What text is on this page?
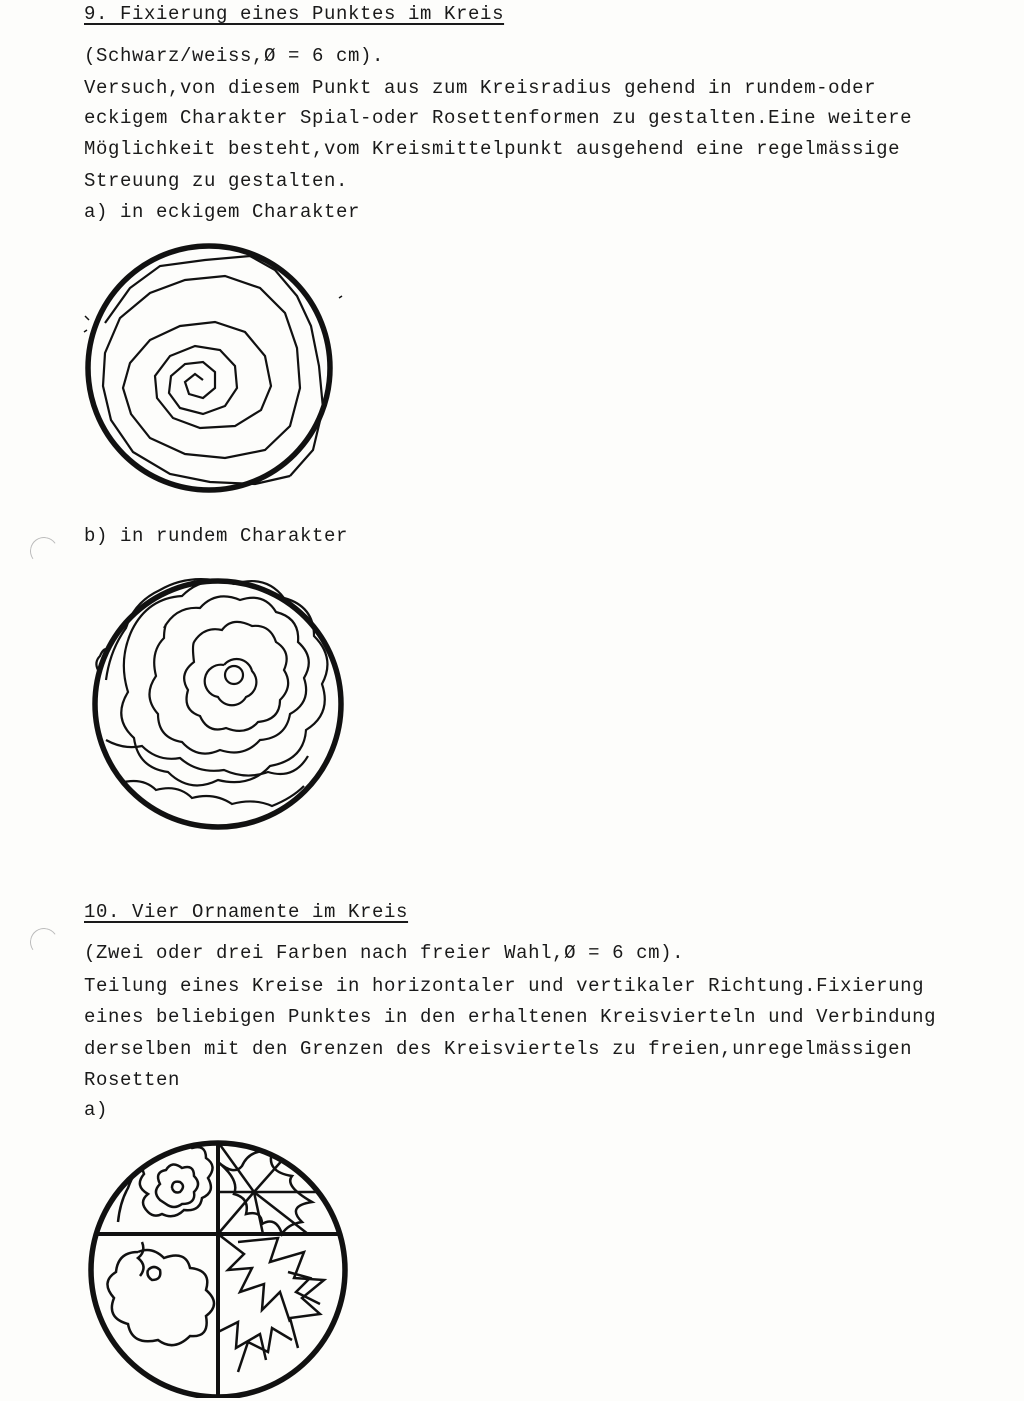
9. Fixierung eines Punktes im Kreis
(Schwarz/weiss,Ø = 6 cm).
Versuch,von diesem Punkt aus zum Kreisradius gehend in rundem-oder
eckigem Charakter Spial-oder Rosettenformen zu gestalten.Eine weitere
Möglichkeit besteht,vom Kreismittelpunkt ausgehend eine regelmässige
Streuung zu gestalten.
a) in eckigem Charakter
b) in rundem Charakter
10. Vier Ornamente im Kreis
(Zwei oder drei Farben nach freier Wahl,Ø = 6 cm).
Teilung eines Kreise in horizontaler und vertikaler Richtung.Fixierung
eines beliebigen Punktes in den erhaltenen Kreisvierteln und Verbindung
derselben mit den Grenzen des Kreisviertels zu freien,unregelmässigen
Rosetten
a)
